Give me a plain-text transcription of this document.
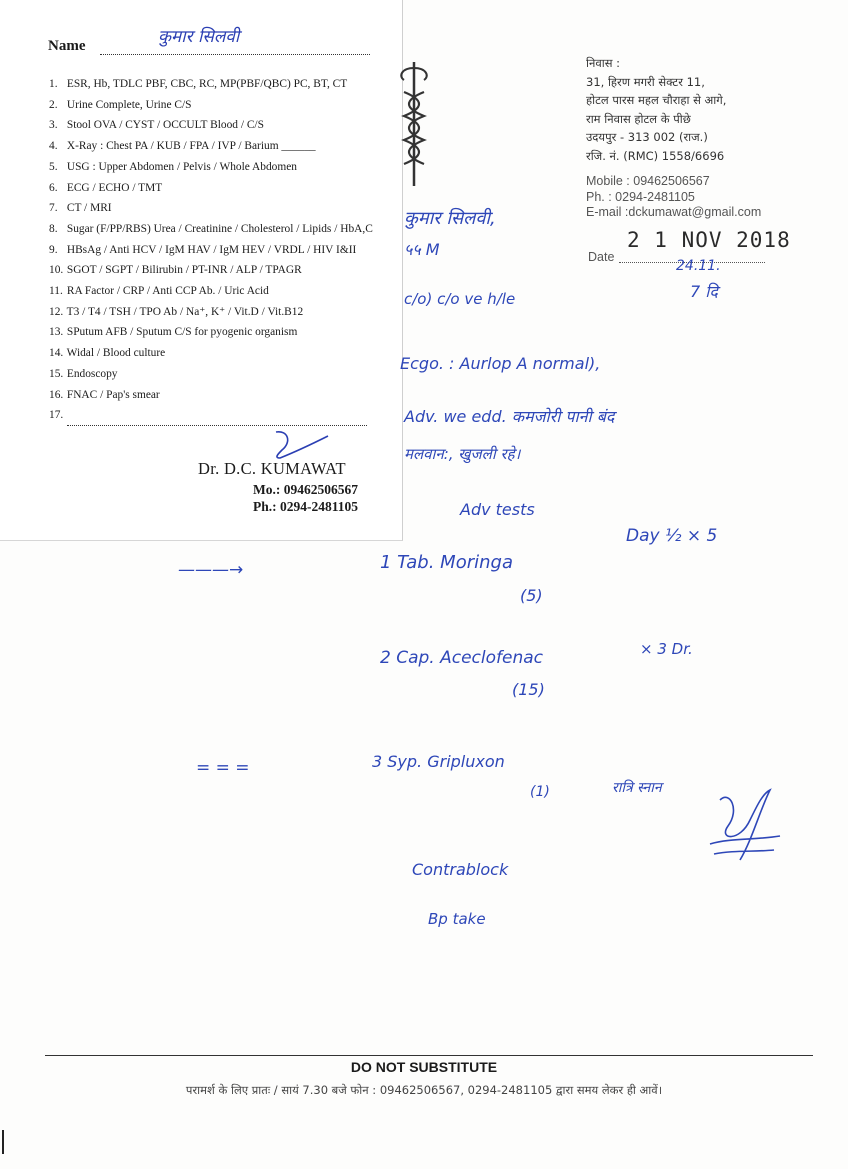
Name	कुमार सिलवी
1. ESR, Hb, TDLC PBF, CBC, RC, MP(PBF/QBC) PC, BT, CT
2. Urine Complete, Urine C/S
3. Stool OVA / CYST / OCCULT Blood / C/S
4. X-Ray : Chest PA / KUB / FPA / IVP / Barium ______
5. USG : Upper Abdomen / Pelvis / Whole Abdomen
6. ECG / ECHO / TMT
7. CT / MRI
8. Sugar (F/PP/RBS) Urea / Creatinine / Cholesterol / Lipids / HbA,C
9. HBsAg / Anti HCV / IgM HAV / IgM HEV / VRDL / HIV I&II
10. SGOT / SGPT / Bilirubin / PT-INR / ALP / TPAGR
11. RA Factor / CRP / Anti CCP Ab. / Uric Acid
12. T3 / T4 / TSH / TPO Ab / Na⁺, K⁺ / Vit.D / Vit.B12
13. SPutum AFB / Sputum C/S for pyogenic organism
14. Widal / Blood culture
15. Endoscopy
16. FNAC / Pap's smear
17.
Dr. D.C. KUMAWAT
Mo.: 09462506567
Ph.: 0294-2481105
निवास :
31, हिरण मगरी सेक्टर 11,
होटल पारस महल चौराहा से आगे,
राम निवास होटल के पीछे
उदयपुर - 313 002 (राज.)
रजि. नं. (RMC) 1558/6696
Mobile : 09462506567
Ph. : 0294-2481105
E-mail :dckumawat@gmail.com
2 1 NOV 2018
Date
24.11.
7 दि
कुमार सिलवी,
५५ M
c/o) c/o ve h/le
Ecgo. : Aurlop A normal),
Adv. we edd. कमजोरी पानी बंद
मलवान:, खुजली रहे।
Adv tests
———→	1 Tab. Moringa
Day ½ × 5
(5)
2 Cap. Aceclofenac	× 3 Dr.
(15)
= = =	3 Syp. Gripluxon
(1)	रात्रि स्नान
Contrablock
Bp take
DO NOT SUBSTITUTE
परामर्श के लिए प्रातः / सायं 7.30 बजे फोन : 09462506567, 0294-2481105 द्वारा समय लेकर ही आवें।
